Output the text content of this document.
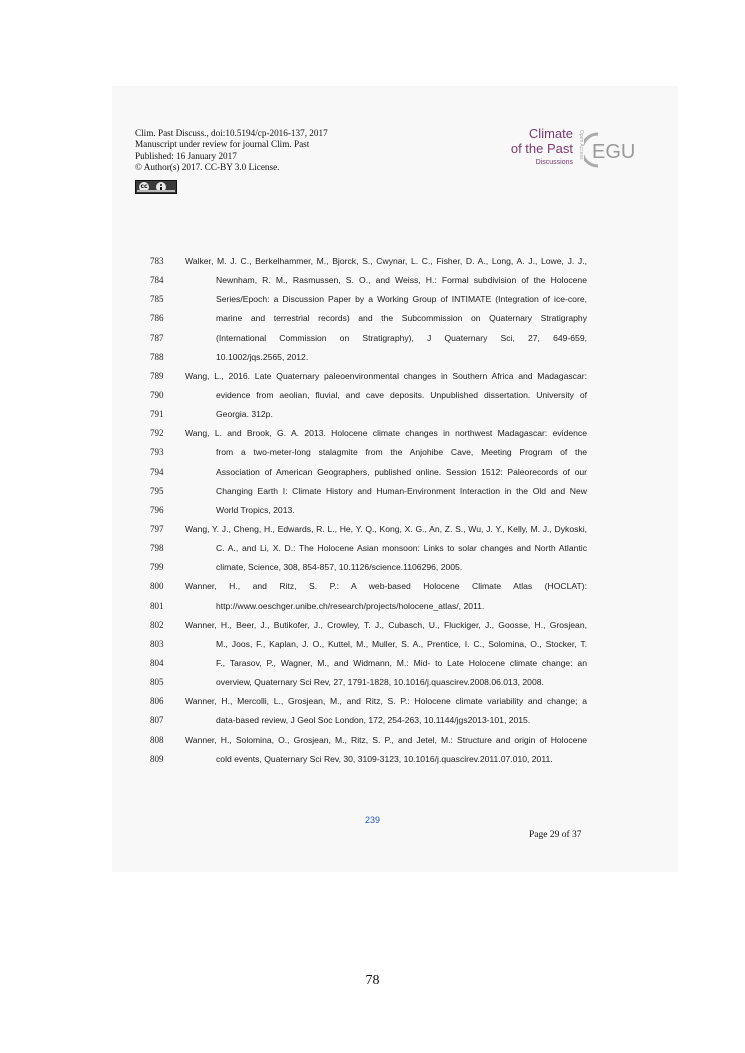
Clim. Past Discuss., doi:10.5194/cp-2016-137, 2017
Manuscript under review for journal Clim. Past
Published: 16 January 2017
© Author(s) 2017. CC-BY 3.0 License.
cc
Climate
of the Past
Discussions
Open Access EGU
783	Walker, M. J. C., Berkelhammer, M., Bjorck, S., Cwynar, L. C., Fisher, D. A., Long, A. J., Lowe, J. J.,
784	Newnham, R. M., Rasmussen, S. O., and Weiss, H.: Formal subdivision of the Holocene
785	Series/Epoch: a Discussion Paper by a Working Group of INTIMATE (Integration of ice-core,
786	marine and terrestrial records) and the Subcommission on Quaternary Stratigraphy
787	(International Commission on Stratigraphy), J Quaternary Sci, 27, 649-659,
788	10.1002/jqs.2565, 2012.
789	Wang, L., 2016. Late Quaternary paleoenvironmental changes in Southern Africa and Madagascar:
790	evidence from aeolian, fluvial, and cave deposits. Unpublished dissertation. University of
791	Georgia. 312p.
792	Wang, L. and Brook, G. A. 2013. Holocene climate changes in northwest Madagascar: evidence
793	from a two-meter-long stalagmite from the Anjohibe Cave, Meeting Program of the
794	Association of American Geographers, published online. Session 1512: Paleorecords of our
795	Changing Earth I: Climate History and Human-Environment Interaction in the Old and New
796	World Tropics, 2013.
797	Wang, Y. J., Cheng, H., Edwards, R. L., He, Y. Q., Kong, X. G., An, Z. S., Wu, J. Y., Kelly, M. J., Dykoski,
798	C. A., and Li, X. D.: The Holocene Asian monsoon: Links to solar changes and North Atlantic
799	climate, Science, 308, 854-857, 10.1126/science.1106296, 2005.
800	Wanner, H., and Ritz, S. P.: A web-based Holocene Climate Atlas (HOCLAT):
801	http://www.oeschger.unibe.ch/research/projects/holocene_atlas/, 2011.
802	Wanner, H., Beer, J., Butikofer, J., Crowley, T. J., Cubasch, U., Fluckiger, J., Goosse, H., Grosjean,
803	M., Joos, F., Kaplan, J. O., Kuttel, M., Muller, S. A., Prentice, I. C., Solomina, O., Stocker, T.
804	F., Tarasov, P., Wagner, M., and Widmann, M.: Mid- to Late Holocene climate change: an
805	overview, Quaternary Sci Rev, 27, 1791-1828, 10.1016/j.quascirev.2008.06.013, 2008.
806	Wanner, H., Mercolli, L., Grosjean, M., and Ritz, S. P.: Holocene climate variability and change; a
807	data-based review, J Geol Soc London, 172, 254-263, 10.1144/jgs2013-101, 2015.
808	Wanner, H., Solomina, O., Grosjean, M., Ritz, S. P., and Jetel, M.: Structure and origin of Holocene
809	cold events, Quaternary Sci Rev, 30, 3109-3123, 10.1016/j.quascirev.2011.07.010, 2011.
239
Page 29 of 37
78
